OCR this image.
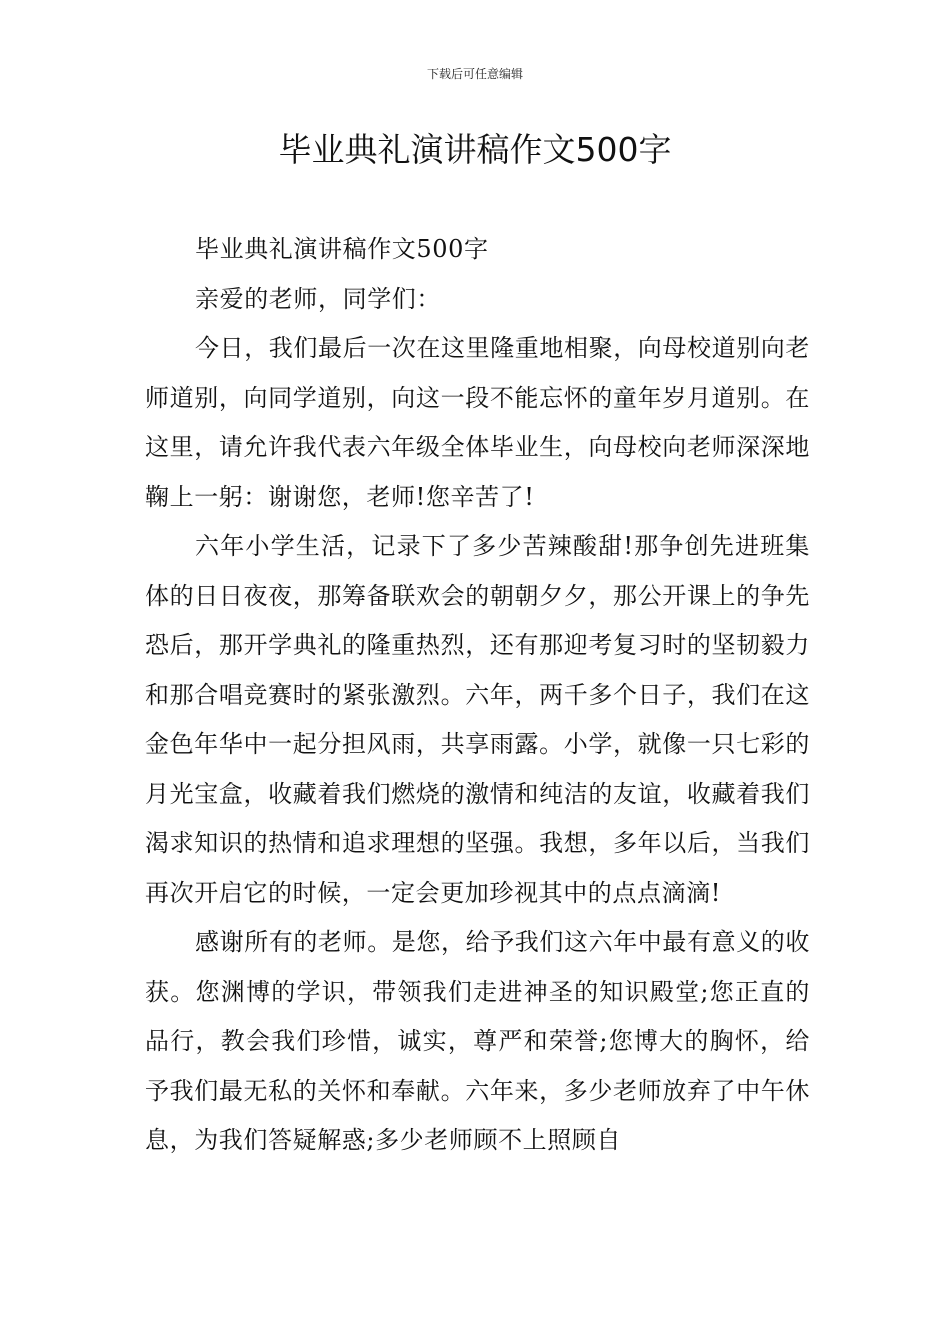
下载后可任意编辑
毕业典礼演讲稿作文500字

毕业典礼演讲稿作文500字

亲爱的老师，同学们：

今日，我们最后一次在这里隆重地相聚，向母校道别向老师道别，向同学道别，向这一段不能忘怀的童年岁月道别。在这里，请允许我代表六年级全体毕业生，向母校向老师深深地鞠上一躬：谢谢您，老师!您辛苦了!

六年小学生活，记录下了多少苦辣酸甜!那争创先进班集体的日日夜夜，那筹备联欢会的朝朝夕夕，那公开课上的争先恐后，那开学典礼的隆重热烈，还有那迎考复习时的坚韧毅力和那合唱竞赛时的紧张激烈。六年，两千多个日子，我们在这金色年华中一起分担风雨，共享雨露。小学，就像一只七彩的月光宝盒，收藏着我们燃烧的激情和纯洁的友谊，收藏着我们渴求知识的热情和追求理想的坚强。我想，多年以后，当我们再次开启它的时候，一定会更加珍视其中的点点滴滴!

感谢所有的老师。是您，给予我们这六年中最有意义的收获。您渊博的学识，带领我们走进神圣的知识殿堂;您正直的品行，教会我们珍惜，诚实，尊严和荣誉;您博大的胸怀，给予我们最无私的关怀和奉献。六年来，多少老师放弃了中午休息，为我们答疑解惑;多少老师顾不上照顾自
